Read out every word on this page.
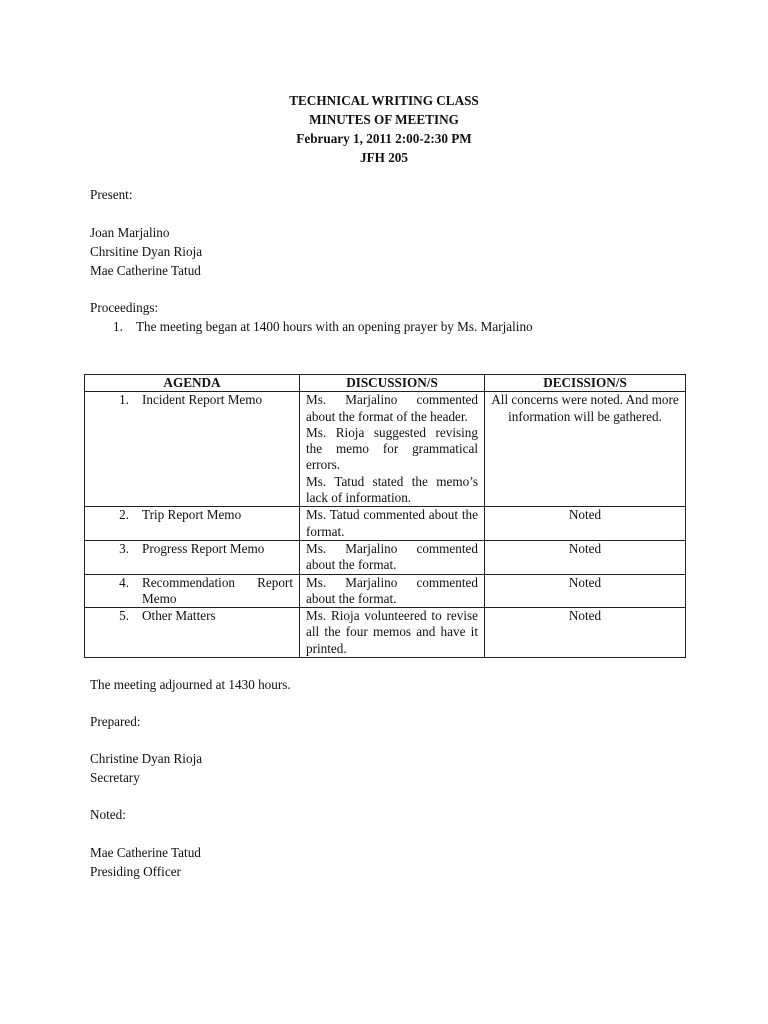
TECHNICAL WRITING CLASS
MINUTES OF MEETING
February 1, 2011 2:00-2:30 PM
JFH 205
Present:
Joan Marjalino
Chrsitine Dyan Rioja
Mae Catherine Tatud
Proceedings:
1. The meeting began at 1400 hours with an opening prayer by Ms. Marjalino
AGENDA	DISCUSSION/S	DECISSION/S

1. Incident Report Memo	Ms. Marjalino commented about the format of the header.
Ms. Rioja suggested revising the memo for grammatical errors.
Ms. Tatud stated the memo’s lack of information.	All concerns were noted. And more information will be gathered.

2. Trip Report Memo	Ms. Tatud commented about the format.	Noted

3. Progress Report Memo	Ms. Marjalino commented about the format.	Noted

4. Recommendation Report
Memo	Ms. Marjalino commented about the format.	Noted

5. Other Matters	Ms. Rioja volunteered to revise all the four memos and have it printed.	Noted
The meeting adjourned at 1430 hours.
Prepared:
Christine Dyan Rioja
Secretary
Noted:
Mae Catherine Tatud
Presiding Officer
